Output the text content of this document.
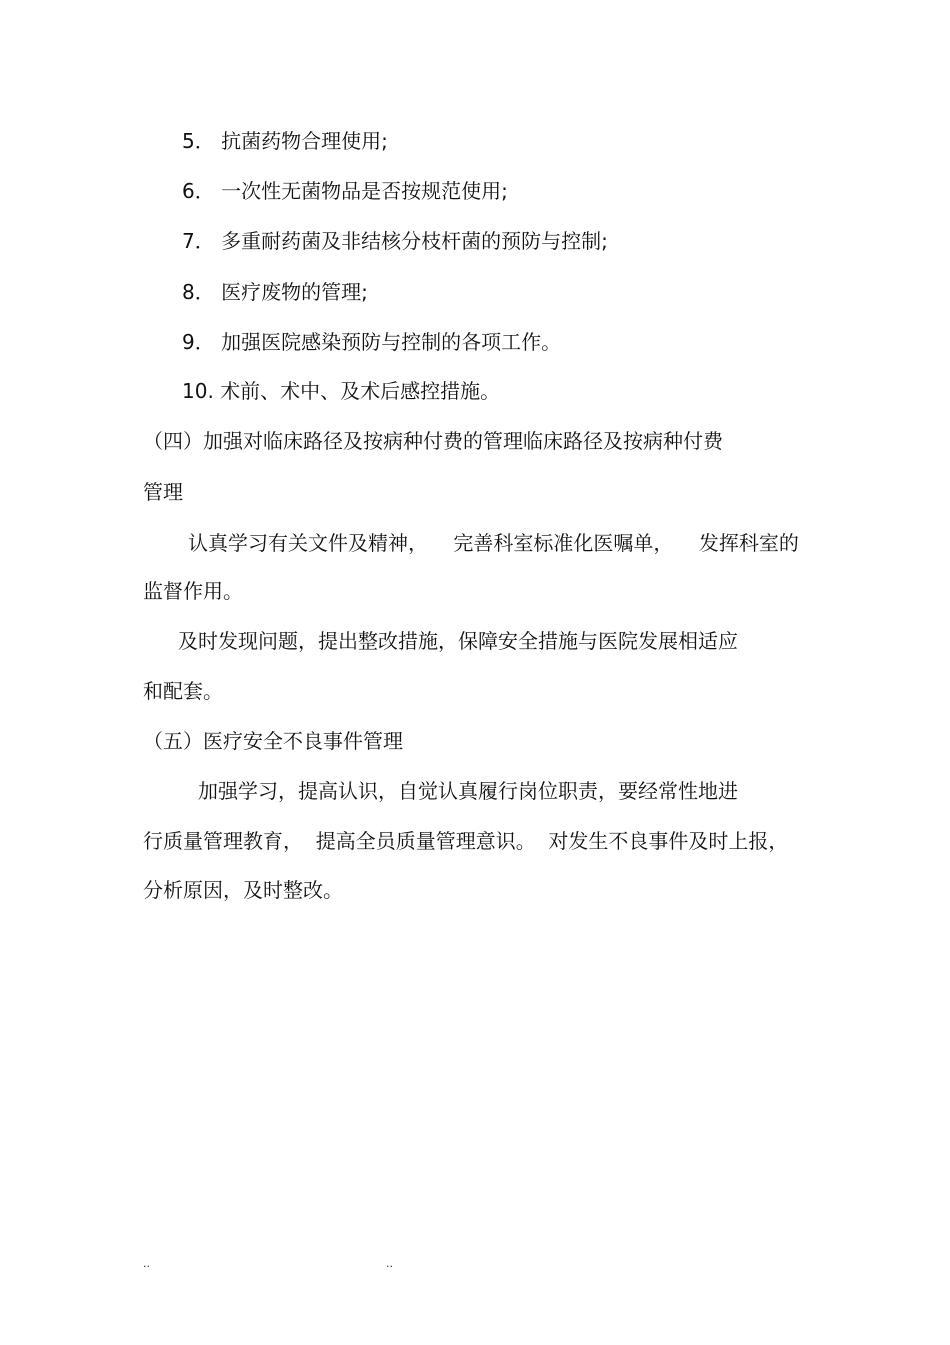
5． 抗菌药物合理使用;

6． 一次性无菌物品是否按规范使用;

7． 多重耐药菌及非结核分枝杆菌的预防与控制;

8． 医疗废物的管理;

9． 加强医院感染预防与控制的各项工作。

10. 术前、术中、及术后感控措施。

（四）加强对临床路径及按病种付费的管理临床路径及按病种付费

管理

认真学习有关文件及精神，    完善科室标准化医嘱单，    发挥科室的

监督作用。

及时发现问题，提出整改措施，保障安全措施与医院发展相适应

和配套。

（五）医疗安全不良事件管理

加强学习，提高认识，自觉认真履行岗位职责，要经常性地进

行质量管理教育，  提高全员质量管理意识。  对发生不良事件及时上报，

分析原因，及时整改。

..	..
